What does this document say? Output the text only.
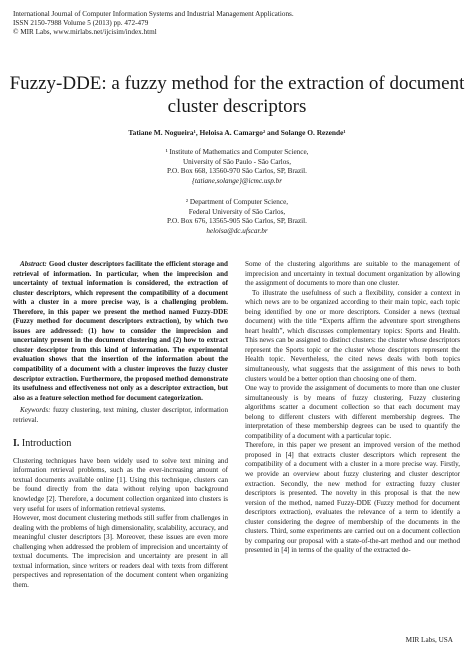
International Journal of Computer Information Systems and Industrial Management Applications.
ISSN 2150-7988 Volume 5 (2013) pp. 472-479
© MIR Labs, www.mirlabs.net/ijcisim/index.html
Fuzzy-DDE: a fuzzy method for the extraction of document cluster descriptors
Tatiane M. Nogueira¹, Heloisa A. Camargo² and Solange O. Rezende¹
¹ Institute of Mathematics and Computer Science,
University of São Paulo - São Carlos,
P.O. Box 668, 13560-970 São Carlos, SP, Brazil.
{tatiane,solange}@icmc.usp.br
² Department of Computer Science,
Federal University of São Carlos,
P.O. Box 676, 13565-905 São Carlos, SP, Brazil.
heloisa@dc.ufscar.br

Abstract: Good cluster descriptors facilitate the efficient storage and retrieval of information. In particular, when the imprecision and uncertainty of textual information is considered, the extraction of cluster descriptors, which represent the compatibility of a document with a cluster in a more precise way, is a challenging problem. Therefore, in this paper we present the method named Fuzzy-DDE (Fuzzy method for document descriptors extraction), by which two issues are addressed: (1) how to consider the imprecision and uncertainty present in the document clustering and (2) how to extract cluster descriptor from this kind of information. The experimental evaluation shows that the insertion of the information about the compatibility of a document with a cluster improves the fuzzy cluster descriptor extraction. Furthermore, the proposed method demonstrate its usefulness and effectiveness not only as a descriptor extraction, but also as a feature selection method for document categorization.

Keywords: fuzzy clustering, text mining, cluster descriptor, information retrieval.

I. Introduction

Clustering techniques have been widely used to solve text mining and information retrieval problems, such as the ever-increasing amount of textual documents available online [1]. Using this technique, clusters can be found directly from the data without relying upon background knowledge [2]. Therefore, a document collection organized into clusters is very useful for users of information retrieval systems.

However, most document clustering methods still suffer from challenges in dealing with the problems of high dimensionality, scalability, accuracy, and meaningful cluster descriptors [3]. Moreover, these issues are even more challenging when addressed the problem of imprecision and uncertainty of textual documents. The imprecision and uncertainty are present in all textual information, since writers or readers deal with texts from different perspectives and representation of the document content when organizing them.

Some of the clustering algorithms are suitable to the management of imprecision and uncertainty in textual document organization by allowing the assignment of documents to more than one cluster.

To illustrate the usefulness of such a flexibility, consider a context in which news are to be organized according to their main topic, each topic being identified by one or more descriptors. Consider a news (textual document) with the title “Experts affirm the adventure sport strengthens heart health”, which discusses complementary topics: Sports and Health. This news can be assigned to distinct clusters: the cluster whose descriptors represent the Sports topic or the cluster whose descriptors represent the Health topic. Nevertheless, the cited news deals with both topics simultaneously, what suggests that the assignment of this news to both clusters would be a better option than choosing one of them.

One way to provide the assignment of documents to more than one cluster simultaneously is by means of fuzzy clustering. Fuzzy clustering algorithms scatter a document collection so that each document may belong to different clusters with different membership degrees. The interpretation of these membership degrees can be used to quantify the compatibility of a document with a particular topic.

Therefore, in this paper we present an improved version of the method proposed in [4] that extracts cluster descriptors which represent the compatibility of a document with a cluster in a more precise way. Firstly, we provide an overview about fuzzy clustering and cluster descriptor extraction. Secondly, the new method for extracting fuzzy cluster descriptors is presented. The novelty in this proposal is that the new version of the method, named Fuzzy-DDE (Fuzzy method for document descriptors extraction), evaluates the relevance of a term to identify a cluster considering the degree of membership of the documents in the clusters. Third, some experiments are carried out on a document collection by comparing our proposal with a state-of-the-art method and our method presented in [4] in terms of the quality of the extracted de-

MIR Labs, USA
